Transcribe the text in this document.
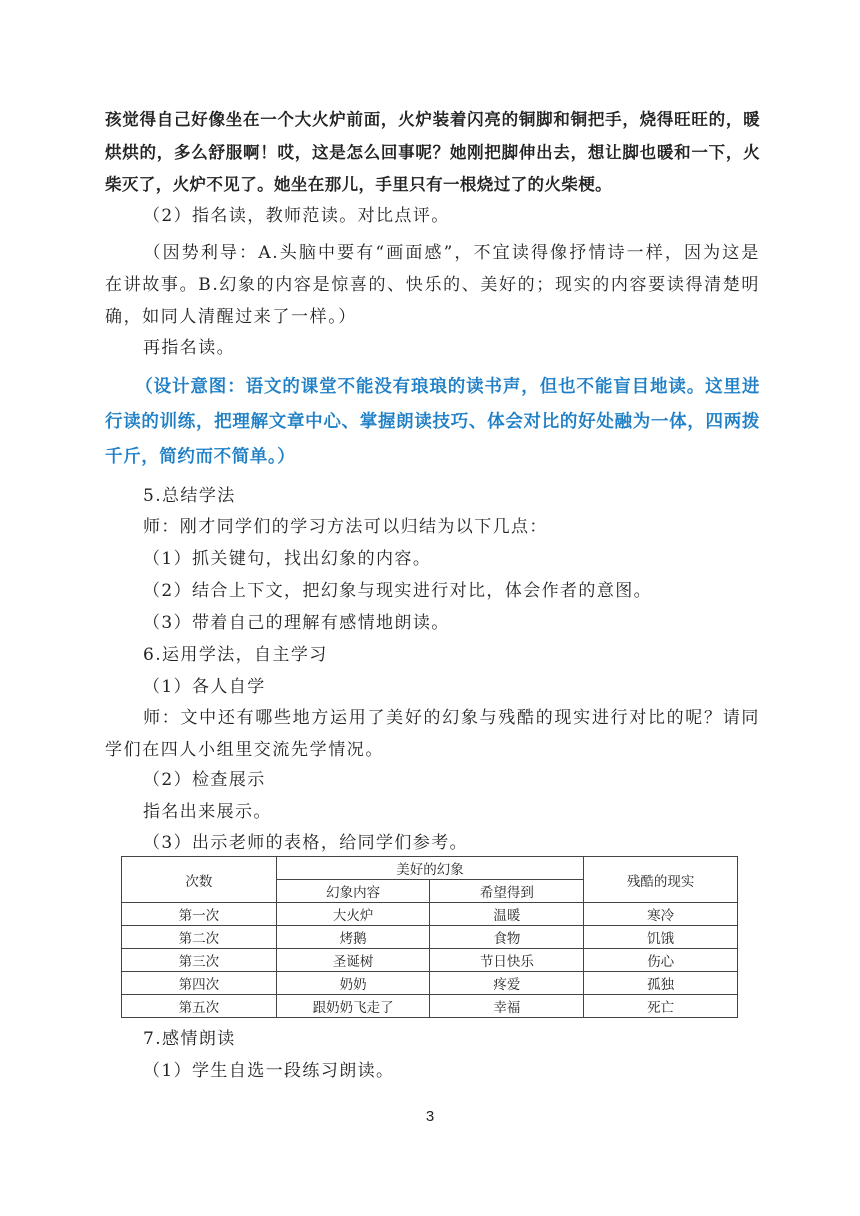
孩觉得自己好像坐在一个大火炉前面，火炉装着闪亮的铜脚和铜把手，烧得旺旺的，暖烘烘的，多么舒服啊！哎，这是怎么回事呢？她刚把脚伸出去，想让脚也暖和一下，火柴灭了，火炉不见了。她坐在那儿，手里只有一根烧过了的火柴梗。
（2）指名读，教师范读。对比点评。
（因势利导：A.头脑中要有“画面感”，不宜读得像抒情诗一样，因为这是在讲故事。B.幻象的内容是惊喜的、快乐的、美好的；现实的内容要读得清楚明确，如同人清醒过来了一样。）
再指名读。
（设计意图：语文的课堂不能没有琅琅的读书声，但也不能盲目地读。这里进行读的训练，把理解文章中心、掌握朗读技巧、体会对比的好处融为一体，四两拨千斤，简约而不简单。）
5.总结学法
师：刚才同学们的学习方法可以归结为以下几点：
（1）抓关键句，找出幻象的内容。
（2）结合上下文，把幻象与现实进行对比，体会作者的意图。
（3）带着自己的理解有感情地朗读。
6.运用学法，自主学习
（1）各人自学
师：文中还有哪些地方运用了美好的幻象与残酷的现实进行对比的呢？请同学们在四人小组里交流先学情况。
（2）检查展示
指名出来展示。
（3）出示老师的表格，给同学们参考。
次数	美好的幻象		残酷的现实
	幻象内容	希望得到	
第一次	大火炉	温暖	寒冷
第二次	烤鹅	食物	饥饿
第三次	圣诞树	节日快乐	伤心
第四次	奶奶	疼爱	孤独
第五次	跟奶奶飞走了	幸福	死亡
7.感情朗读
（1）学生自选一段练习朗读。
3
